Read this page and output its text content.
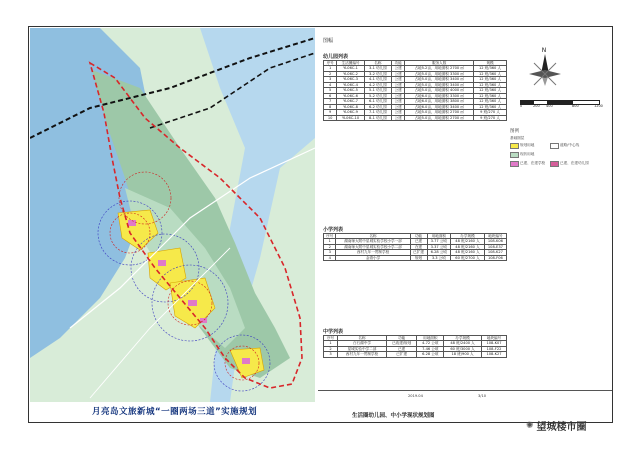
月亮岛文旅新城“一圈两场三道”实施规划
图幅
幼儿园列表
序号	生活圈编号	名称	功能	服务人数	规模
1	YL06C-1	3-1 幼儿园	公建	占地5.2亩，用地面积 2700 ㎡	12 班/360 人
2	YL06C-2	3-2 幼儿园	公建	占地5.0亩，用地面积 3300 ㎡	12 班/360 人
3	YL06C-3	4-1 幼儿园	公建	占地5.0亩，用地面积 3400 ㎡	12 班/360 人
4	YL06C-4	4-2 幼儿园	公建	占地5.0亩，用地面积 3400 ㎡	12 班/360 人
5	YL06C-5	5-1 幼儿园	公建	占地5.0亩，用地面积 4000 ㎡	12 班/360 人
6	YL06C-6	5-2 幼儿园	公建	占地6.0亩，用地面积 3300 ㎡	12 班/360 人
7	YL06C-7	6-1 幼儿园	公建	占地6.0亩，用地面积 3800 ㎡	12 班/360 人
8	YL06C-8	6-2 幼儿园	公建	占地6.0亩，用地面积 3400 ㎡	12 班/360 人
9	YL06C-9	7-1 幼儿园	公建	占地5.0亩，用地面积 2700 ㎡	9 班/270 人
10	YL06C-10	8-1 幼儿园	公建	占地5.0亩，用地面积 2700 ㎡	9 班/270 人
小学列表
序号	名称	功能	用地面积	办学规模	地块编号
1	湖南师大附中星城实验学校小学一部	已建	3.77 公顷	48 班/2160 人	108-K06
2	湖南师大附中星城实验学校小学二部	在建	3.37 公顷	48 班/2160 人	108-E37
3	西村九年一贯制学校	已扩建	6.28 公顷	48 班/2160 人	108-K27
4	金湾小学	规划	3.3 公顷	60 班/2700 人	108-F06
中学列表
序号	名称	功能	用地面积	办学规模	地块编号
1	白石湖中学	已改建/规划	4.72 公顷	48 班/2400 人	108-K07
2	星城实验中学二部	已建	7.46 公顷	60 班/3000 人	108-F22
3	西村九年一贯制学校	已扩建	6.28 公顷	18 班/900 人	108-K27
N
0	200 400	800	1200
图例
基础图层
规划用地	道路/中心线
现状用地
已建、在建学校	已建、在建幼儿园
2019.04	3/10
生活圈幼儿园、中小学现状规划图
✺ 望城楼市圈
